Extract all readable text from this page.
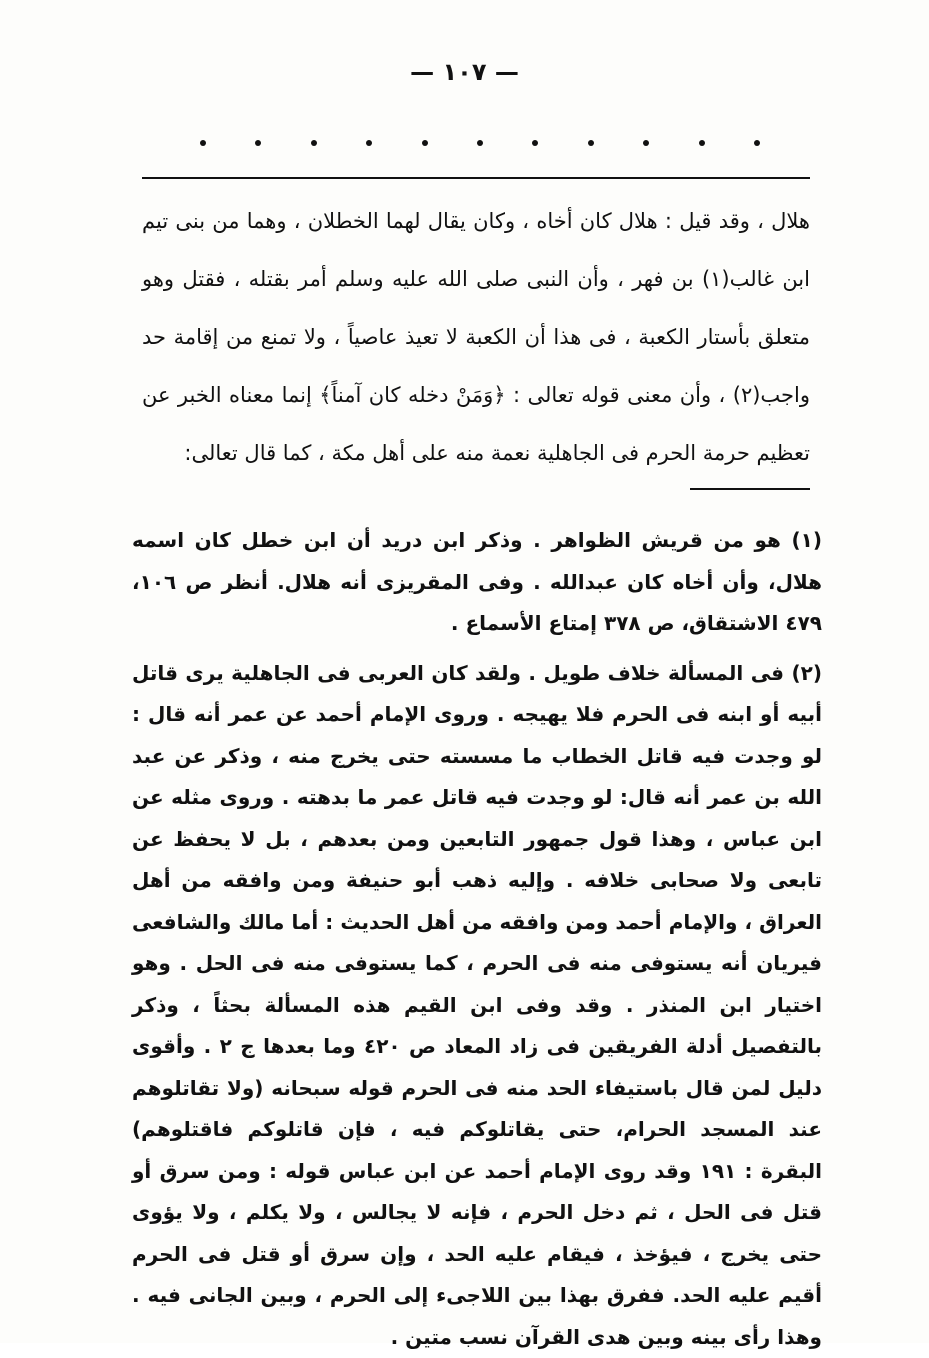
— ١٠٧ —

هلال ، وقد قيل : هلال كان أخاه ، وكان يقال لهما الخطلان ، وهما من بنى تيم ابن غالب(١) بن فهر ، وأن النبى صلى الله عليه وسلم أمر بقتله ، فقتل وهو متعلق بأستار الكعبة ، فى هذا أن الكعبة لا تعيذ عاصياً ، ولا تمنع من إقامة حد واجب(٢) ، وأن معنى قوله تعالى : ﴿وَمَنْ دخله كان آمناً﴾ إنما معناه الخبر عن تعظيم حرمة الحرم فى الجاهلية نعمة منه على أهل مكة ، كما قال تعالى:

(١) هو من قريش الظواهر . وذكر ابن دريد أن ابن خطل كان اسمه هلال، وأن أخاه كان عبدالله . وفى المقريزى أنه هلال. أنظر ص ١٠٦، ٤٧٩ الاشتقاق، ص ٣٧٨ إمتاع الأسماع .

(٢) فى المسألة خلاف طويل . ولقد كان العربى فى الجاهلية يرى قاتل أبيه أو ابنه فى الحرم فلا يهيجه . وروى الإمام أحمد عن عمر أنه قال : لو وجدت فيه قاتل الخطاب ما مسسته حتى يخرج منه ، وذكر عن عبد الله بن عمر أنه قال: لو وجدت فيه قاتل عمر ما بدهته . وروى مثله عن ابن عباس ، وهذا قول جمهور التابعين ومن بعدهم ، بل لا يحفظ عن تابعى ولا صحابى خلافه . وإليه ذهب أبو حنيفة ومن وافقه من أهل العراق ، والإمام أحمد ومن وافقه من أهل الحديث : أما مالك والشافعى فيريان أنه يستوفى منه فى الحرم ، كما يستوفى منه فى الحل . وهو اختيار ابن المنذر . وقد وفى ابن القيم هذه المسألة بحثاً ، وذكر بالتفصيل أدلة الفريقين فى زاد المعاد ص ٤٢٠ وما بعدها ج ٢ . وأقوى دليل لمن قال باستيفاء الحد منه فى الحرم قوله سبحانه (ولا تقاتلوهم عند المسجد الحرام، حتى يقاتلوكم فيه ، فإن قاتلوكم فاقتلوهم) البقرة : ١٩١ وقد روى الإمام أحمد عن ابن عباس قوله : ومن سرق أو قتل فى الحل ، ثم دخل الحرم ، فإنه لا يجالس ، ولا يكلم ، ولا يؤوى حتى يخرج ، فيؤخذ ، فيقام عليه الحد ، وإن سرق أو قتل فى الحرم أقيم عليه الحد. ففرق بهذا بين اللاجىء إلى الحرم ، وبين الجانى فيه . وهذا رأى بينه وبين هدى القرآن نسب متين .
